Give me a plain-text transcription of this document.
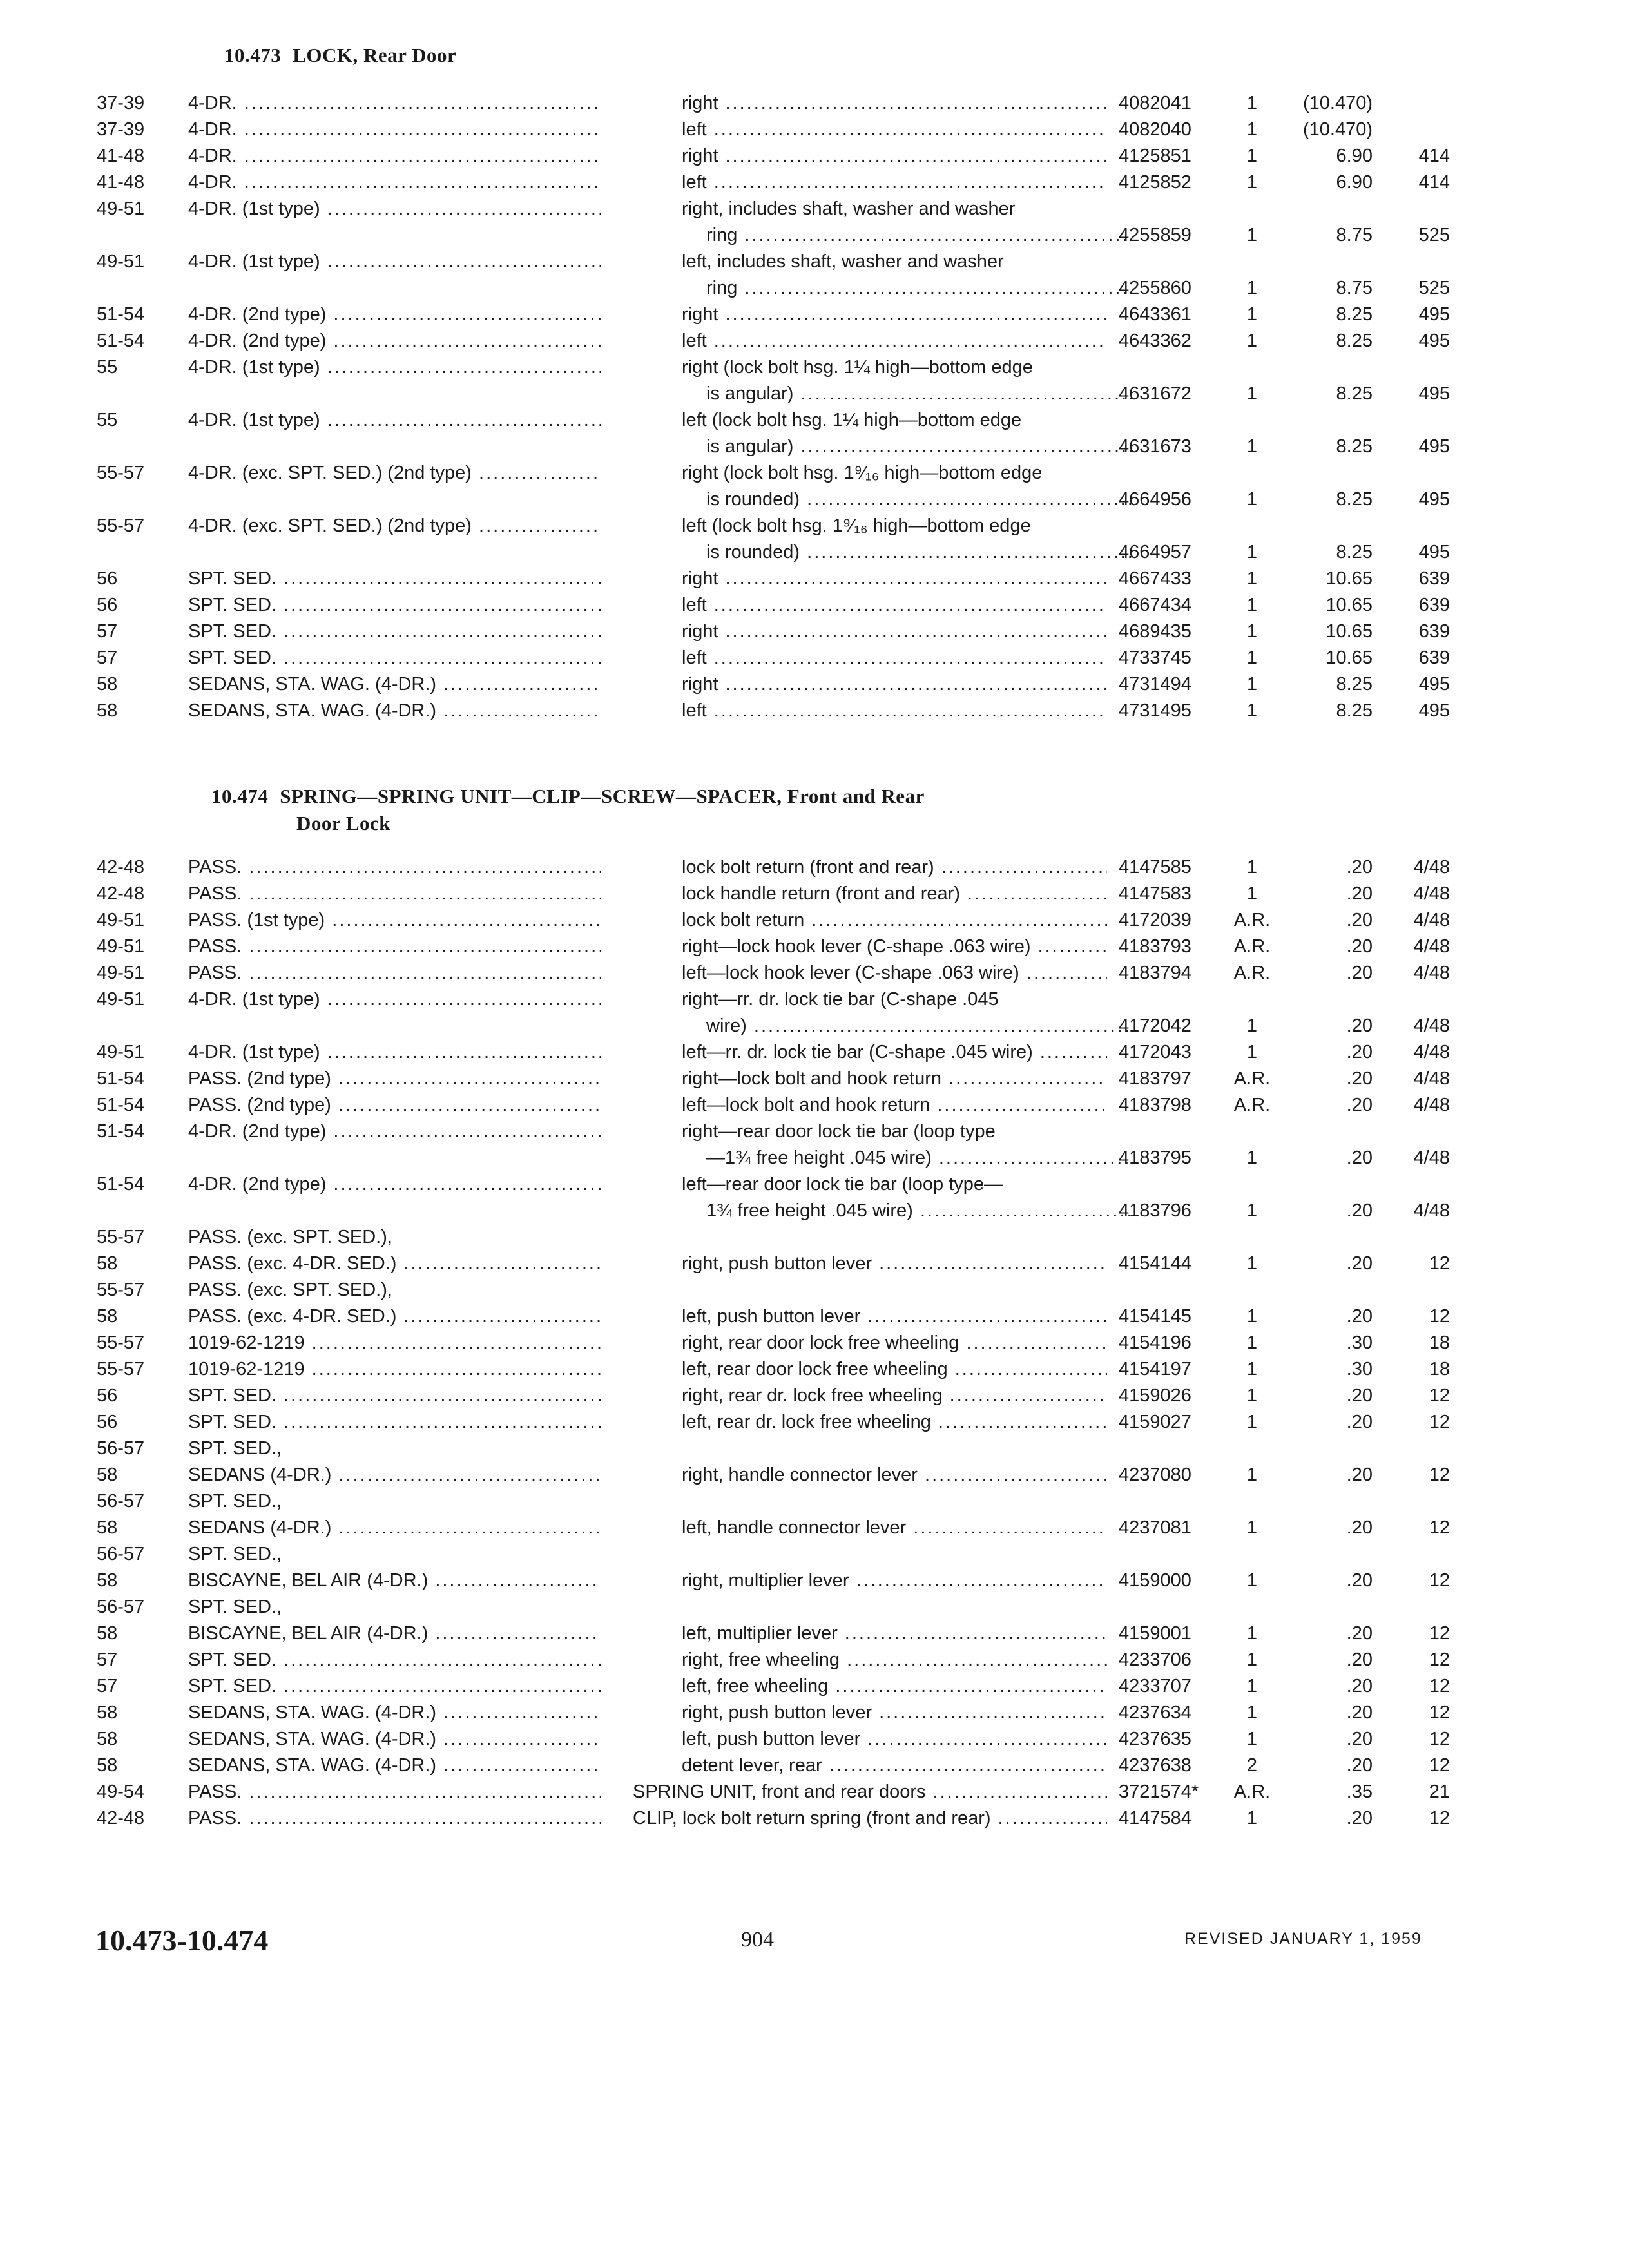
10.473 LOCK, Rear Door
37-39	4-DR. .....	right .....	4082041	1	(10.470)
37-39	4-DR. .....	left .....	4082040	1	(10.470)
41-48	4-DR. .....	right .....	4125851	1	6.90	414
41-48	4-DR. .....	left .....	4125852	1	6.90	414
49-51	4-DR. (1st type) .....	right, includes shaft, washer and washer
ring .....	4255859	1	8.75	525
49-51	4-DR. (1st type) .....	left, includes shaft, washer and washer
ring .....	4255860	1	8.75	525
51-54	4-DR. (2nd type) .....	right .....	4643361	1	8.25	495
51-54	4-DR. (2nd type) .....	left .....	4643362	1	8.25	495
55	4-DR. (1st type) .....	right (lock bolt hsg. 1¼ high—bottom edge
is angular) .....	4631672	1	8.25	495
55	4-DR. (1st type) .....	left (lock bolt hsg. 1¼ high—bottom edge
is angular) .....	4631673	1	8.25	495
55-57	4-DR. (exc. SPT. SED.) (2nd type) .....	right (lock bolt hsg. 1⁹⁄₁₆ high—bottom edge
is rounded) .....	4664956	1	8.25	495
55-57	4-DR. (exc. SPT. SED.) (2nd type) .....	left (lock bolt hsg. 1⁹⁄₁₆ high—bottom edge
is rounded) .....	4664957	1	8.25	495
56	SPT. SED. .....	right .....	4667433	1	10.65	639
56	SPT. SED. .....	left .....	4667434	1	10.65	639
57	SPT. SED. .....	right .....	4689435	1	10.65	639
57	SPT. SED. .....	left .....	4733745	1	10.65	639
58	SEDANS, STA. WAG. (4-DR.) .....	right .....	4731494	1	8.25	495
58	SEDANS, STA. WAG. (4-DR.) .....	left .....	4731495	1	8.25	495
10.474 SPRING—SPRING UNIT—CLIP—SCREW—SPACER, Front and Rear
Door Lock
42-48	PASS. .....	lock bolt return (front and rear) .....	4147585	1	.20	4/48
42-48	PASS. .....	lock handle return (front and rear) .....	4147583	1	.20	4/48
49-51	PASS. (1st type) .....	lock bolt return .....	4172039	A.R.	.20	4/48
49-51	PASS. .....	right—lock hook lever (C-shape .063 wire) .....	4183793	A.R.	.20	4/48
49-51	PASS. .....	left—lock hook lever (C-shape .063 wire) .....	4183794	A.R.	.20	4/48
49-51	4-DR. (1st type) .....	right—rr. dr. lock tie bar (C-shape .045
wire) .....	4172042	1	.20	4/48
49-51	4-DR. (1st type) .....	left—rr. dr. lock tie bar (C-shape .045 wire) .....	4172043	1	.20	4/48
51-54	PASS. (2nd type) .....	right—lock bolt and hook return .....	4183797	A.R.	.20	4/48
51-54	PASS. (2nd type) .....	left—lock bolt and hook return .....	4183798	A.R.	.20	4/48
51-54	4-DR. (2nd type) .....	right—rear door lock tie bar (loop type
—1¾ free height .045 wire) .....	4183795	1	.20	4/48
51-54	4-DR. (2nd type) .....	left—rear door lock tie bar (loop type—
1¾ free height .045 wire) .....	4183796	1	.20	4/48
55-57	PASS. (exc. SPT. SED.),
58	PASS. (exc. 4-DR. SED.) .....	right, push button lever .....	4154144	1	.20	12
55-57	PASS. (exc. SPT. SED.),
58	PASS. (exc. 4-DR. SED.) .....	left, push button lever .....	4154145	1	.20	12
55-57	1019-62-1219 .....	right, rear door lock free wheeling .....	4154196	1	.30	18
55-57	1019-62-1219 .....	left, rear door lock free wheeling .....	4154197	1	.30	18
56	SPT. SED. .....	right, rear dr. lock free wheeling .....	4159026	1	.20	12
56	SPT. SED. .....	left, rear dr. lock free wheeling .....	4159027	1	.20	12
56-57	SPT. SED.,
58	SEDANS (4-DR.) .....	right, handle connector lever .....	4237080	1	.20	12
56-57	SPT. SED.,
58	SEDANS (4-DR.) .....	left, handle connector lever .....	4237081	1	.20	12
56-57	SPT. SED.,
58	BISCAYNE, BEL AIR (4-DR.) .....	right, multiplier lever .....	4159000	1	.20	12
56-57	SPT. SED.,
58	BISCAYNE, BEL AIR (4-DR.) .....	left, multiplier lever .....	4159001	1	.20	12
57	SPT. SED. .....	right, free wheeling .....	4233706	1	.20	12
57	SPT. SED. .....	left, free wheeling .....	4233707	1	.20	12
58	SEDANS, STA. WAG. (4-DR.) .....	right, push button lever .....	4237634	1	.20	12
58	SEDANS, STA. WAG. (4-DR.) .....	left, push button lever .....	4237635	1	.20	12
58	SEDANS, STA. WAG. (4-DR.) .....	detent lever, rear .....	4237638	2	.20	12
49-54	PASS. .....	SPRING UNIT, front and rear doors .....	3721574*	A.R.	.35	21
42-48	PASS. .....	CLIP, lock bolt return spring (front and rear) .....	4147584	1	.20	12
10.473-10.474	904	REVISED JANUARY 1, 1959
